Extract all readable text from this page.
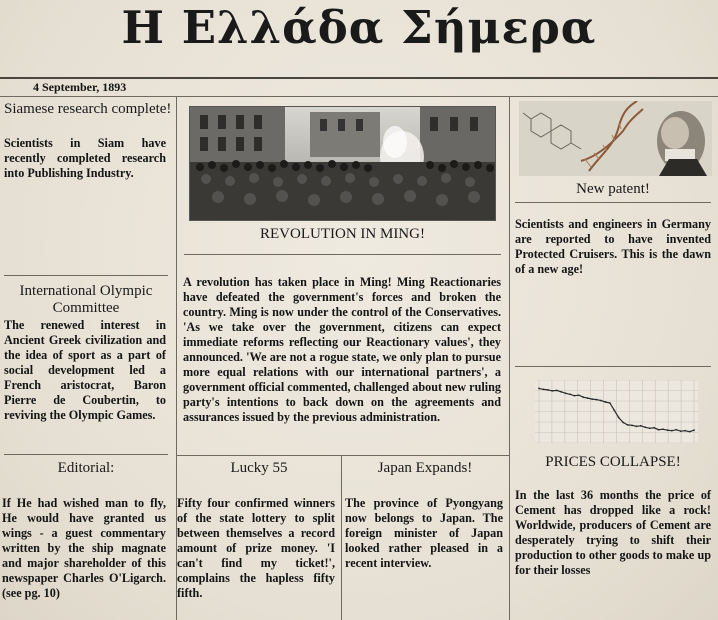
Η Ελλάδα Σήμερα
4 September, 1893
Siamese research complete!
Scientists in Siam have recently completed research into Publishing Industry.
International Olympic Committee
The renewed interest in Ancient Greek civilization and the idea of sport as a part of social development led a French aristocrat, Baron Pierre de Coubertin, to reviving the Olympic Games.
Editorial:
If He had wished man to fly, He would have granted us wings - a guest commentary written by the ship magnate and major shareholder of this newspaper Charles O'Ligarch. (see pg. 10)
REVOLUTION IN MING!
A revolution has taken place in Ming! Ming Reactionaries have defeated the government's forces and broken the country. Ming is now under the control of the Conservatives. 'As we take over the government, citizens can expect immediate reforms reflecting our Reactionary values', they announced. 'We are not a rogue state, we only plan to pursue more equal relations with our international partners', a government official commented, challenged about new ruling party's intentions to back down on the agreements and assurances issued by the previous administration.
Lucky 55
Fifty four confirmed winners of the state lottery to split between themselves a record amount of prize money. 'I can't find my ticket!', complains the hapless fifty fifth.
Japan Expands!
The province of Pyongyang now belongs to Japan. The foreign minister of Japan looked rather pleased in a recent interview.
New patent!
Scientists and engineers in Germany are reported to have invented Protected Cruisers. This is the dawn of a new age!
PRICES COLLAPSE!
In the last 36 months the price of Cement has dropped like a rock! Worldwide, producers of Cement are desperately trying to shift their production to other goods to make up for their losses
